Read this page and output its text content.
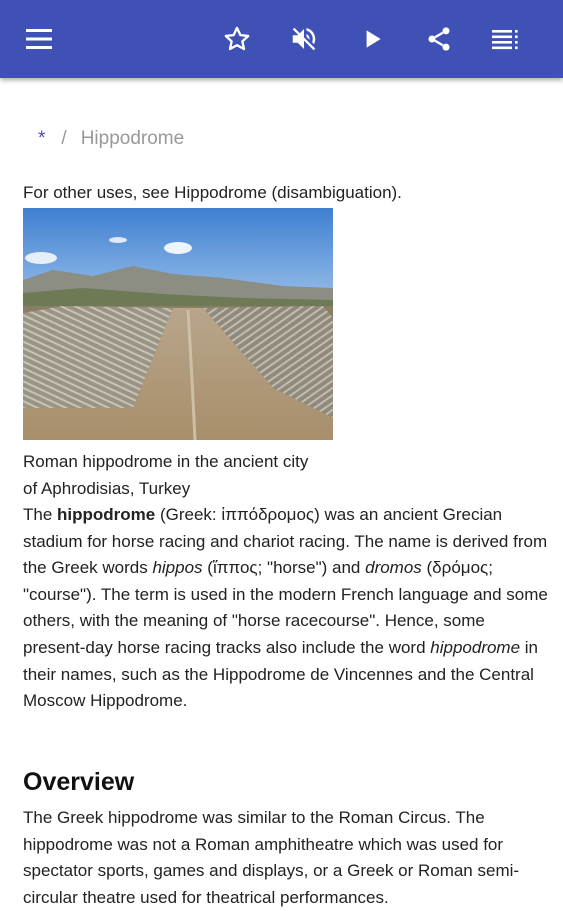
* / Hippodrome
For other uses, see Hippodrome (disambiguation).
Roman hippodrome in the ancient city
of Aphrodisias, Turkey
The hippodrome (Greek: ἱππόδρομος) was an ancient Grecian stadium for horse racing and chariot racing. The name is derived from the Greek words hippos (ἵππος; "horse") and dromos (δρόμος; "course"). The term is used in the modern French language and some others, with the meaning of "horse racecourse". Hence, some present-day horse racing tracks also include the word hippodrome in their names, such as the Hippodrome de Vincennes and the Central Moscow Hippodrome.
Overview
The Greek hippodrome was similar to the Roman Circus. The hippodrome was not a Roman amphitheatre which was used for spectator sports, games and displays, or a Greek or Roman semi-circular theatre used for theatrical performances.
